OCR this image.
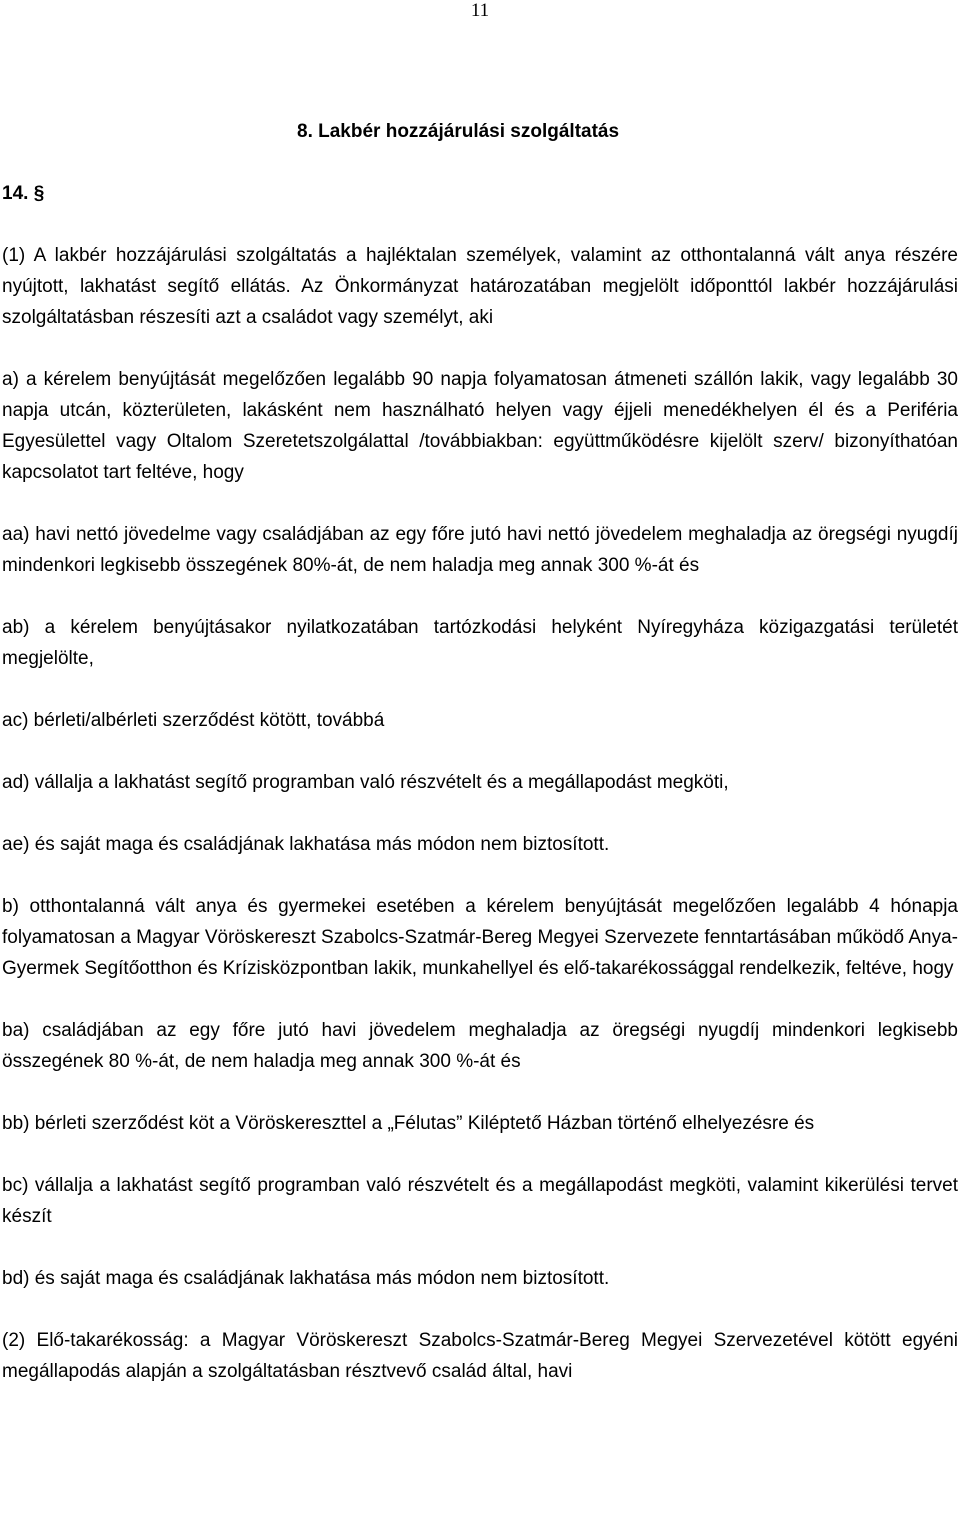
11
8. Lakbér hozzájárulási szolgáltatás
14. §

(1) A lakbér hozzájárulási szolgáltatás a hajléktalan személyek, valamint az otthontalanná vált anya részére nyújtott, lakhatást segítő ellátás. Az Önkormányzat határozatában megjelölt időponttól lakbér hozzájárulási szolgáltatásban részesíti azt a családot vagy személyt, aki

a) a kérelem benyújtását megelőzően legalább 90 napja folyamatosan átmeneti szállón lakik, vagy legalább 30 napja utcán, közterületen, lakásként nem használható helyen vagy éjjeli menedékhelyen él és a Periféria Egyesülettel vagy Oltalom Szeretetszolgálattal /továbbiakban: együttműködésre kijelölt szerv/ bizonyíthatóan kapcsolatot tart feltéve, hogy

aa) havi nettó jövedelme vagy családjában az egy főre jutó havi nettó jövedelem meghaladja az öregségi nyugdíj mindenkori legkisebb összegének 80%-át, de nem haladja meg annak 300 %-át és

ab) a kérelem benyújtásakor nyilatkozatában tartózkodási helyként Nyíregyháza közigazgatási területét megjelölte,

ac) bérleti/albérleti szerződést kötött, továbbá

ad) vállalja a lakhatást segítő programban való részvételt és a megállapodást megköti,

ae) és saját maga és családjának lakhatása más módon nem biztosított.

b) otthontalanná vált anya és gyermekei esetében a kérelem benyújtását megelőzően legalább 4 hónapja folyamatosan a Magyar Vöröskereszt Szabolcs-Szatmár-Bereg Megyei Szervezete fenntartásában működő Anya-Gyermek Segítőotthon és Krízisközpontban lakik, munkahellyel és elő-takarékossággal rendelkezik, feltéve, hogy

ba) családjában az egy főre jutó havi jövedelem meghaladja az öregségi nyugdíj mindenkori legkisebb összegének 80 %-át, de nem haladja meg annak 300 %-át és

bb) bérleti szerződést köt a Vöröskereszttel a „Félutas” Kiléptető Házban történő elhelyezésre és

bc) vállalja a lakhatást segítő programban való részvételt és a megállapodást megköti, valamint kikerülési tervet készít

bd) és saját maga és családjának lakhatása más módon nem biztosított.

(2) Elő-takarékosság: a Magyar Vöröskereszt Szabolcs-Szatmár-Bereg Megyei Szervezetével kötött egyéni megállapodás alapján a szolgáltatásban résztvevő család által, havi
